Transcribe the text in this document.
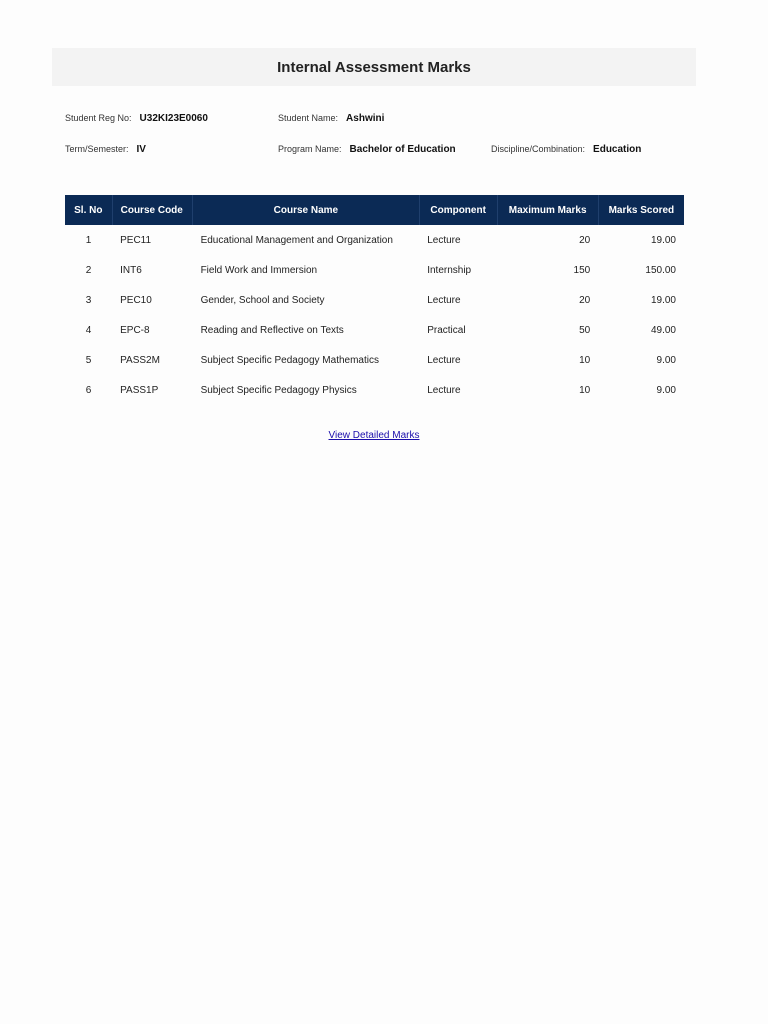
Internal Assessment Marks
Student Reg No: U32KI23E0060	Student Name: Ashwini
Term/Semester: IV	Program Name: Bachelor of Education	Discipline/Combination: Education
Sl. No	Course Code	Course Name	Component	Maximum Marks	Marks Scored
1	PEC11	Educational Management and Organization	Lecture	20	19.00
2	INT6	Field Work and Immersion	Internship	150	150.00
3	PEC10	Gender, School and Society	Lecture	20	19.00
4	EPC-8	Reading and Reflective on Texts	Practical	50	49.00
5	PASS2M	Subject Specific Pedagogy Mathematics	Lecture	10	9.00
6	PASS1P	Subject Specific Pedagogy Physics	Lecture	10	9.00
View Detailed Marks
